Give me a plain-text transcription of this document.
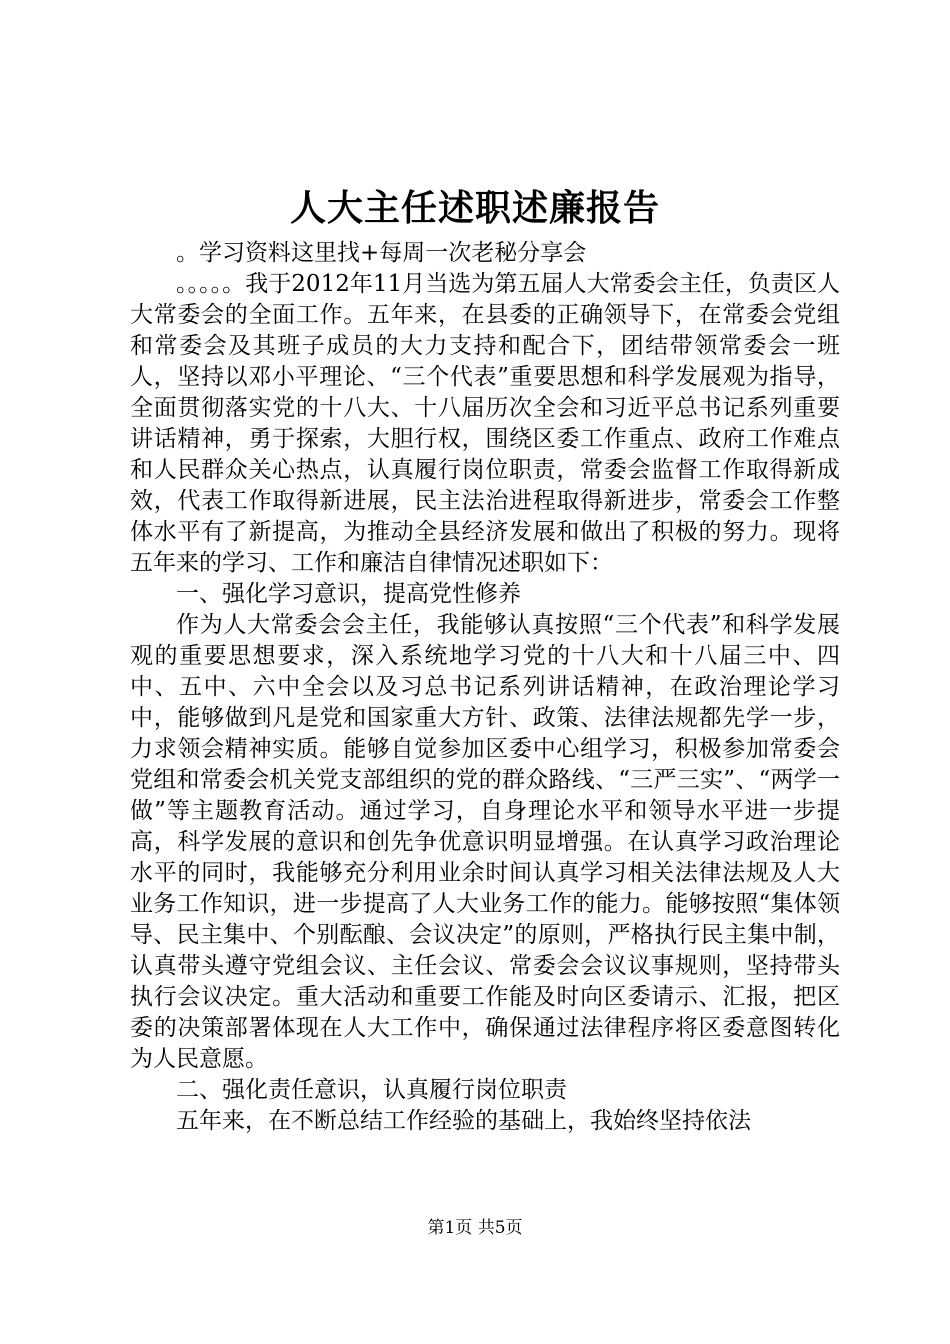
人大主任述职述廉报告

。学习资料这里找+每周一次老秘分享会

。。。。。我于2012年11月当选为第五届人大常委会主任，负责区人大常委会的全面工作。五年来，在县委的正确领导下，在常委会党组和常委会及其班子成员的大力支持和配合下，团结带领常委会一班人，坚持以邓小平理论、“三个代表”重要思想和科学发展观为指导，全面贯彻落实党的十八大、十八届历次全会和习近平总书记系列重要讲话精神，勇于探索，大胆行权，围绕区委工作重点、政府工作难点和人民群众关心热点，认真履行岗位职责，常委会监督工作取得新成效，代表工作取得新进展，民主法治进程取得新进步，常委会工作整体水平有了新提高，为推动全县经济发展和做出了积极的努力。现将五年来的学习、工作和廉洁自律情况述职如下：

一、强化学习意识，提高党性修养

作为人大常委会会主任，我能够认真按照“三个代表”和科学发展观的重要思想要求，深入系统地学习党的十八大和十八届三中、四中、五中、六中全会以及习总书记系列讲话精神，在政治理论学习中，能够做到凡是党和国家重大方针、政策、法律法规都先学一步，力求领会精神实质。能够自觉参加区委中心组学习，积极参加常委会党组和常委会机关党支部组织的党的群众路线、“三严三实”、“两学一做”等主题教育活动。通过学习，自身理论水平和领导水平进一步提高，科学发展的意识和创先争优意识明显增强。在认真学习政治理论水平的同时，我能够充分利用业余时间认真学习相关法律法规及人大业务工作知识，进一步提高了人大业务工作的能力。能够按照“集体领导、民主集中、个别酝酿、会议决定”的原则，严格执行民主集中制，认真带头遵守党组会议、主任会议、常委会会议议事规则，坚持带头执行会议决定。重大活动和重要工作能及时向区委请示、汇报，把区委的决策部署体现在人大工作中，确保通过法律程序将区委意图转化为人民意愿。

二、强化责任意识，认真履行岗位职责

五年来，在不断总结工作经验的基础上，我始终坚持依法

第1页 共5页
